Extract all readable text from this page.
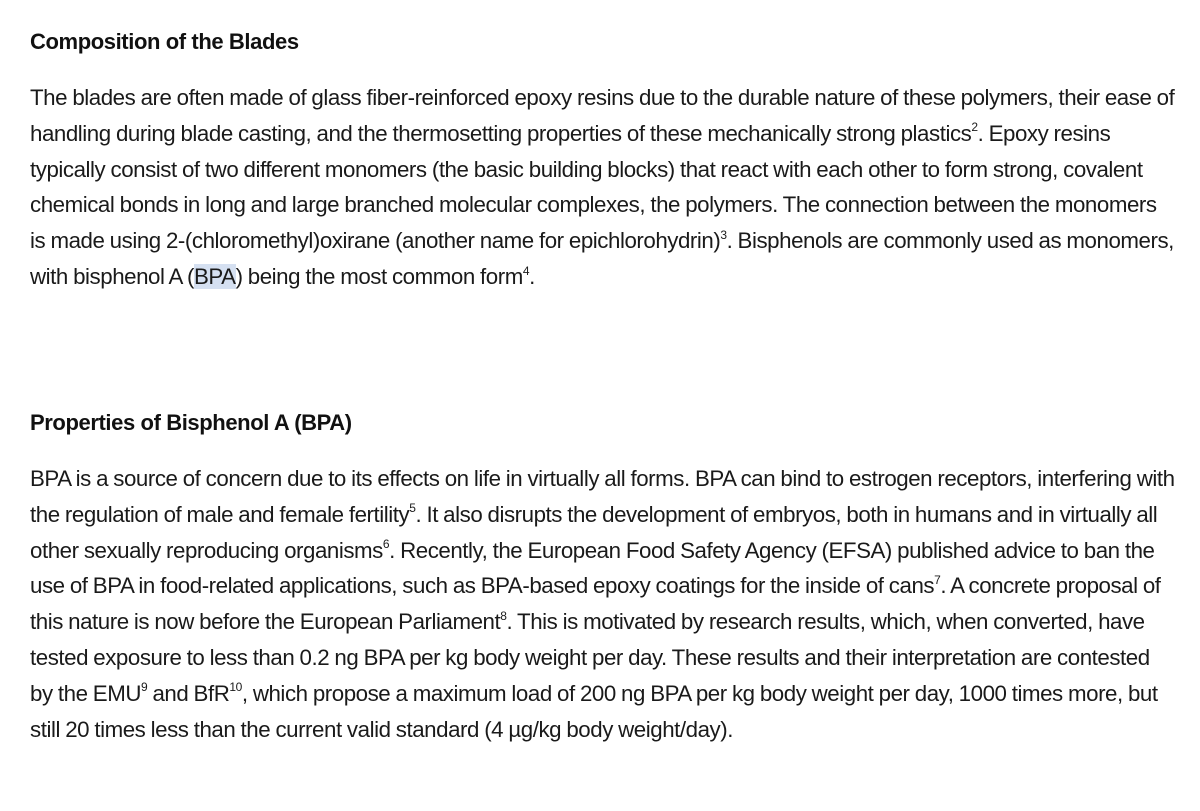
Composition of the Blades

The blades are often made of glass fiber-reinforced epoxy resins due to the durable nature of these polymers, their ease of handling during blade casting, and the thermosetting properties of these mechanically strong plastics$^2$. Epoxy resins typically consist of two different monomers (the basic building blocks) that react with each other to form strong, covalent chemical bonds in long and large branched molecular complexes, the polymers. The connection between the monomers is made using 2-(chloromethyl)oxirane (another name for epichlorohydrin)$^3$. Bisphenols are commonly used as monomers, with bisphenol A (BPA) being the most common form$^4$.

Properties of Bisphenol A (BPA)

BPA is a source of concern due to its effects on life in virtually all forms. BPA can bind to estrogen receptors, interfering with the regulation of male and female fertility$^5$. It also disrupts the development of embryos, both in humans and in virtually all other sexually reproducing organisms$^6$. Recently, the European Food Safety Agency (EFSA) published advice to ban the use of BPA in food-related applications, such as BPA-based epoxy coatings for the inside of cans$^7$. A concrete proposal of this nature is now before the European Parliament$^8$. This is motivated by research results, which, when converted, have tested exposure to less than 0.2 ng BPA per kg body weight per day. These results and their interpretation are contested by the EMU$^9$ and BfR$^{10}$, which propose a maximum load of 200 ng BPA per kg body weight per day, 1000 times more, but still 20 times less than the current valid standard (4 µg/kg body weight/day).
